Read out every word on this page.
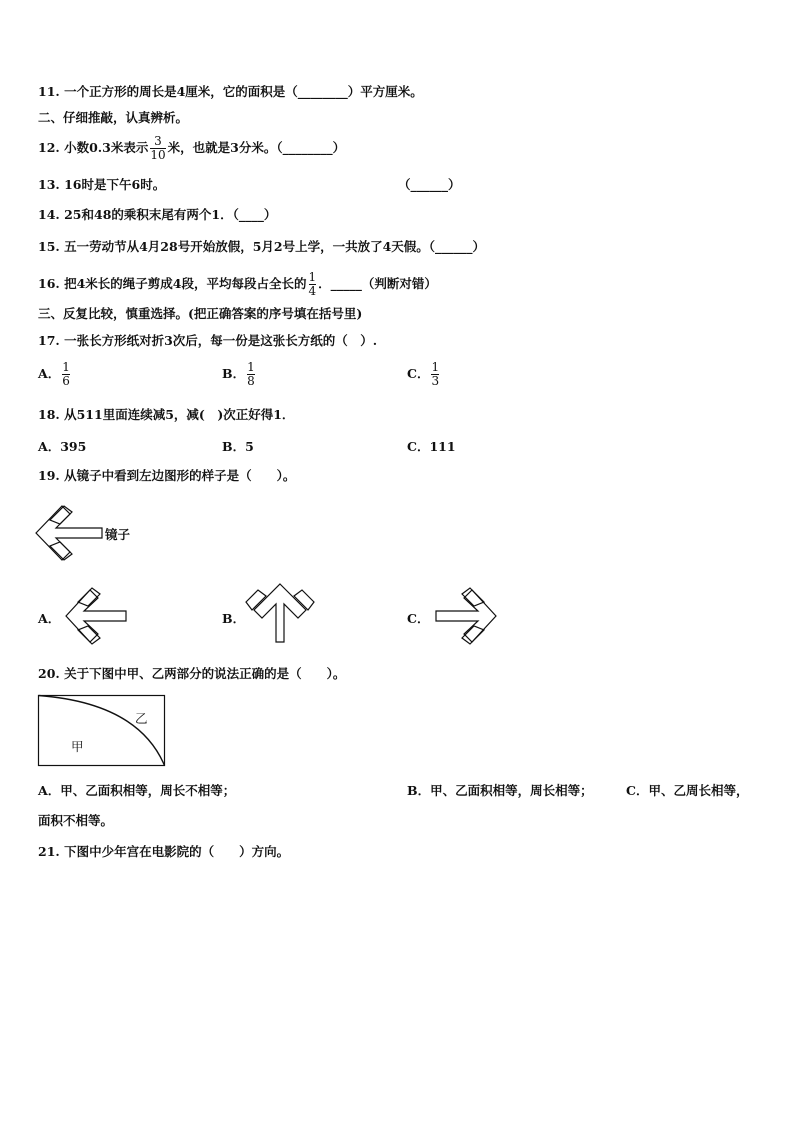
11. 一个正方形的周长是4厘米，它的面积是（________）平方厘米。
二、仔细推敲，认真辨析。
12. 小数0.3米表示 $\frac{3}{10}$ 米，也就是3分米。（________）
13. 16时是下午6时。	（______）
14. 25和48的乘积末尾有两个1．（____）
15. 五一劳动节从4月28号开始放假，5月2号上学，一共放了4天假。（______）
16. 把4米长的绳子剪成4段，平均每段占全长的 $\frac{1}{4}$ ．_____（判断对错）
三、反复比较，慎重选择。(把正确答案的序号填在括号里)
17. 一张长方形纸对折3次后，每一份是这张长方纸的（　）.
A． $\frac{1}{6}$	B． $\frac{1}{8}$	C． $\frac{1}{3}$
18. 从511里面连续减5，减(　)次正好得1．
A．395	B．5	C．111
19. 从镜子中看到左边图形的样子是（　　）。
镜子
A．	B．	C．
20. 关于下图中甲、乙两部分的说法正确的是（　　）。
乙
甲
A．甲、乙面积相等，周长不相等；	B．甲、乙面积相等，周长相等；	C．甲、乙周长相等，
面积不相等。
21. 下图中少年宫在电影院的（　　）方向。
